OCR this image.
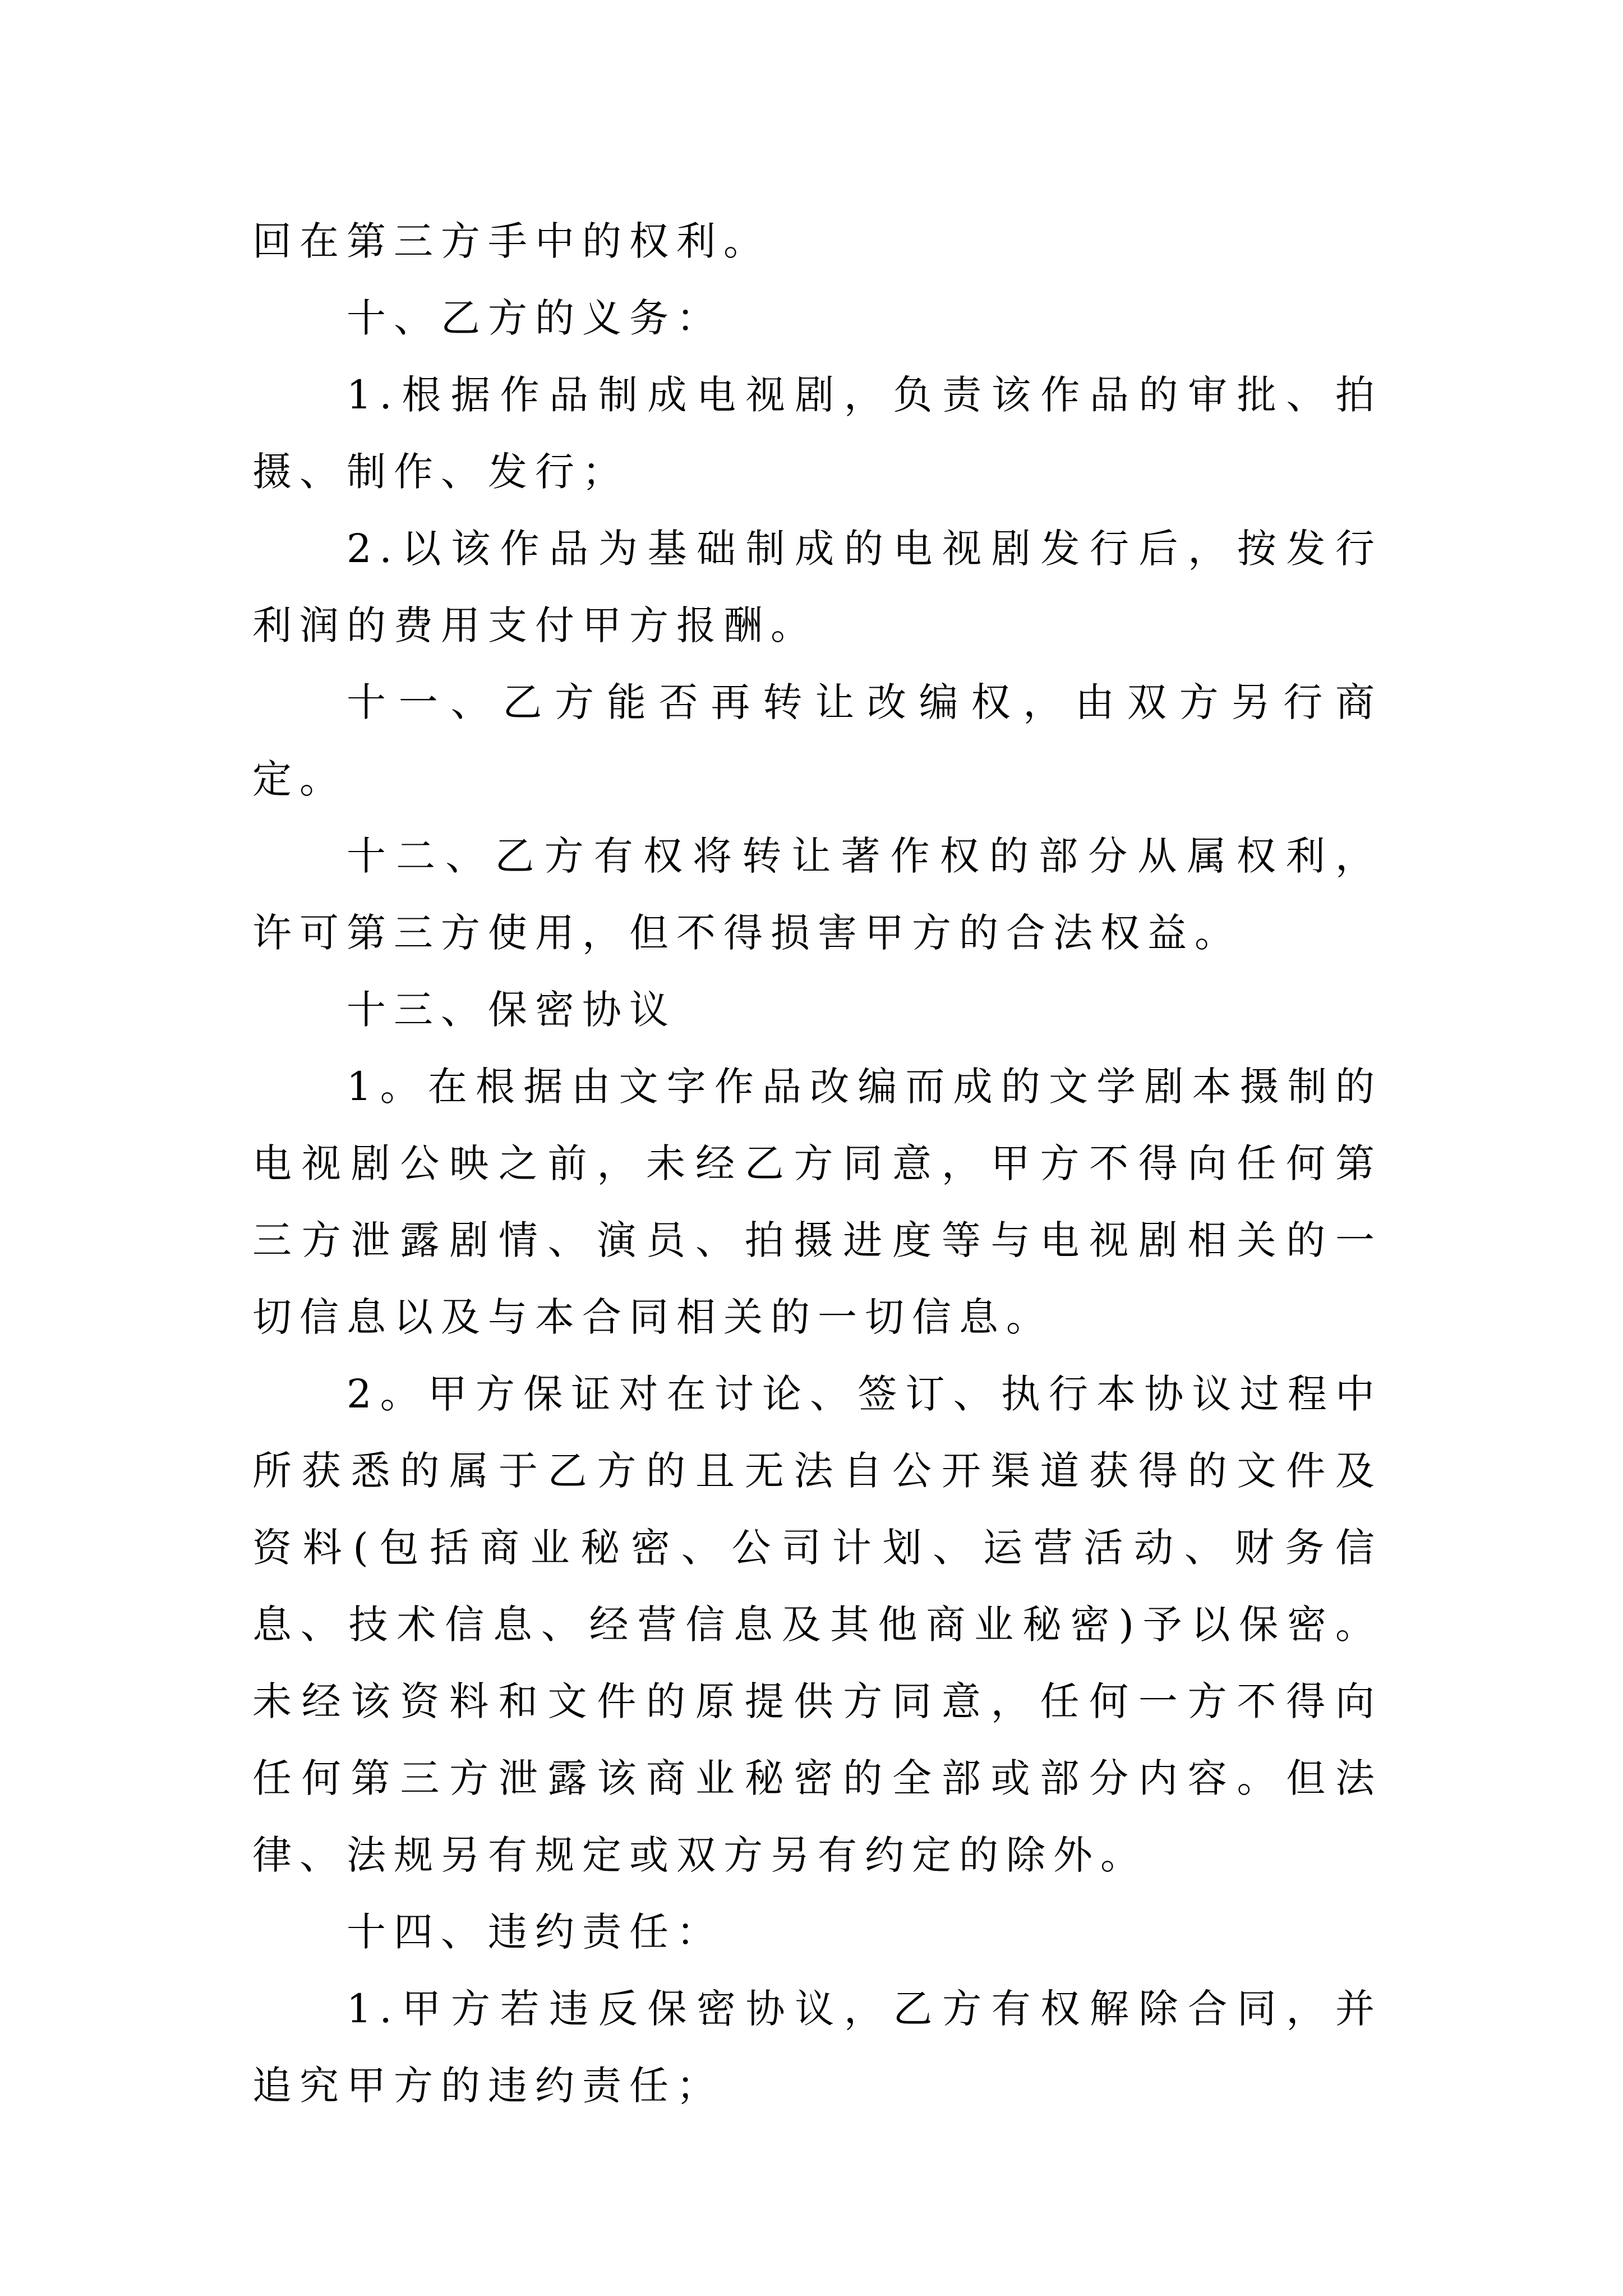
回在第三方手中的权利。

十、乙方的义务：

1.根据作品制成电视剧，负责该作品的审批、拍摄、制作、发行；

2.以该作品为基础制成的电视剧发行后，按发行利润的费用支付甲方报酬。

十一、乙方能否再转让改编权，由双方另行商定。

十二、乙方有权将转让著作权的部分从属权利，许可第三方使用，但不得损害甲方的合法权益。

十三、保密协议

1。在根据由文字作品改编而成的文学剧本摄制的电视剧公映之前，未经乙方同意，甲方不得向任何第三方泄露剧情、演员、拍摄进度等与电视剧相关的一切信息以及与本合同相关的一切信息。

2。甲方保证对在讨论、签订、执行本协议过程中所获悉的属于乙方的且无法自公开渠道获得的文件及资料(包括商业秘密、公司计划、运营活动、财务信息、技术信息、经营信息及其他商业秘密)予以保密。未经该资料和文件的原提供方同意，任何一方不得向任何第三方泄露该商业秘密的全部或部分内容。但法律、法规另有规定或双方另有约定的除外。

十四、违约责任：

1.甲方若违反保密协议，乙方有权解除合同，并追究甲方的违约责任；
